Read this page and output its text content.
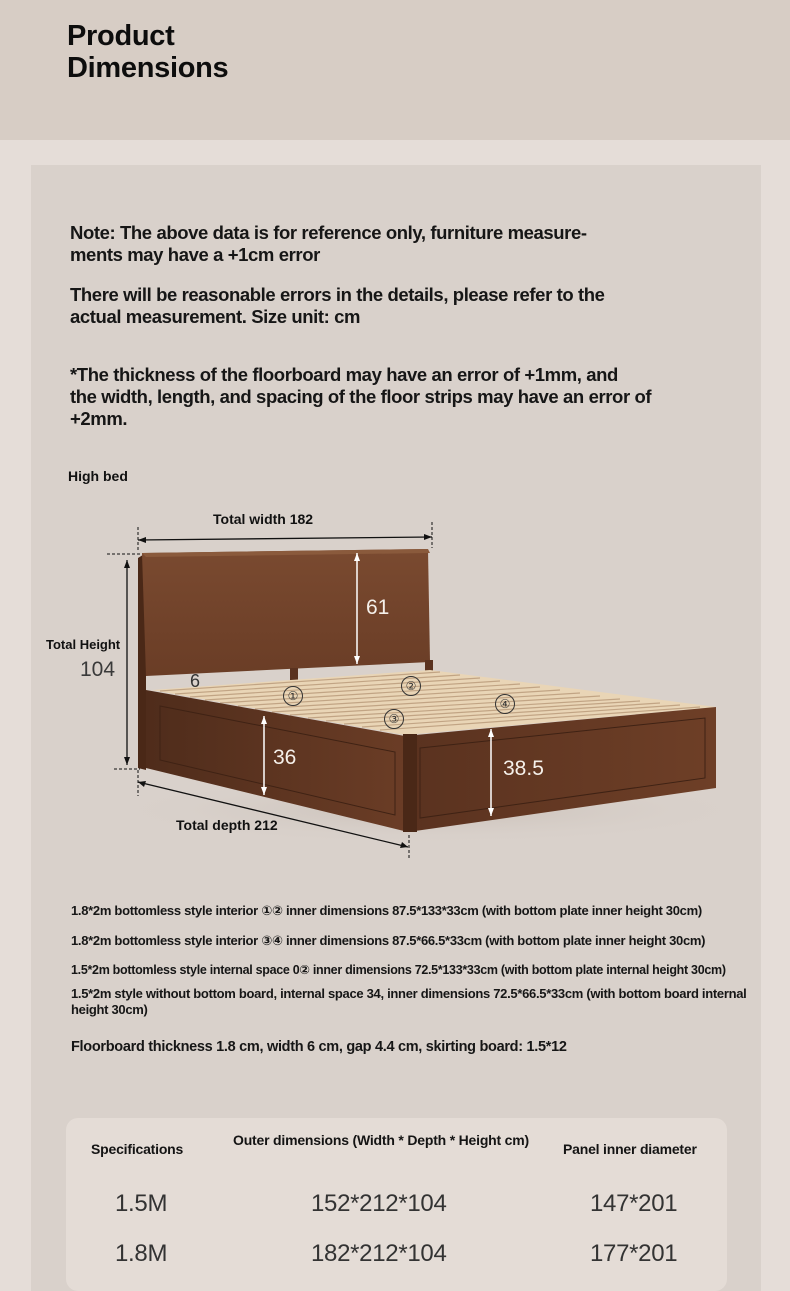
Product
Dimensions
Note: The above data is for reference only, furniture measure-
ments may have a +1cm error
There will be reasonable errors in the details, please refer to the
actual measurement. Size unit: cm
*The thickness of the floorboard may have an error of +1mm, and
the width, length, and spacing of the floor strips may have an error of
+2mm.
High bed
Total width 182
Total Height
104
61
6
36	38.5
Total depth 212
①
②
③
④
1.8*2m bottomless style interior ①② inner dimensions 87.5*133*33cm (with bottom plate inner height 30cm)
1.8*2m bottomless style interior ③④ inner dimensions 87.5*66.5*33cm (with bottom plate inner height 30cm)
1.5*2m bottomless style internal space 0② inner dimensions 72.5*133*33cm (with bottom plate internal height 30cm)
1.5*2m style without bottom board, internal space 34, inner dimensions 72.5*66.5*33cm (with bottom board internal height 30cm)
Floorboard thickness 1.8 cm, width 6 cm, gap 4.4 cm, skirting board: 1.5*12
Specifications
Outer dimensions (Width * Depth * Height cm)
Panel inner diameter
1.5M	152*212*104	147*201
1.8M	182*212*104	177*201
